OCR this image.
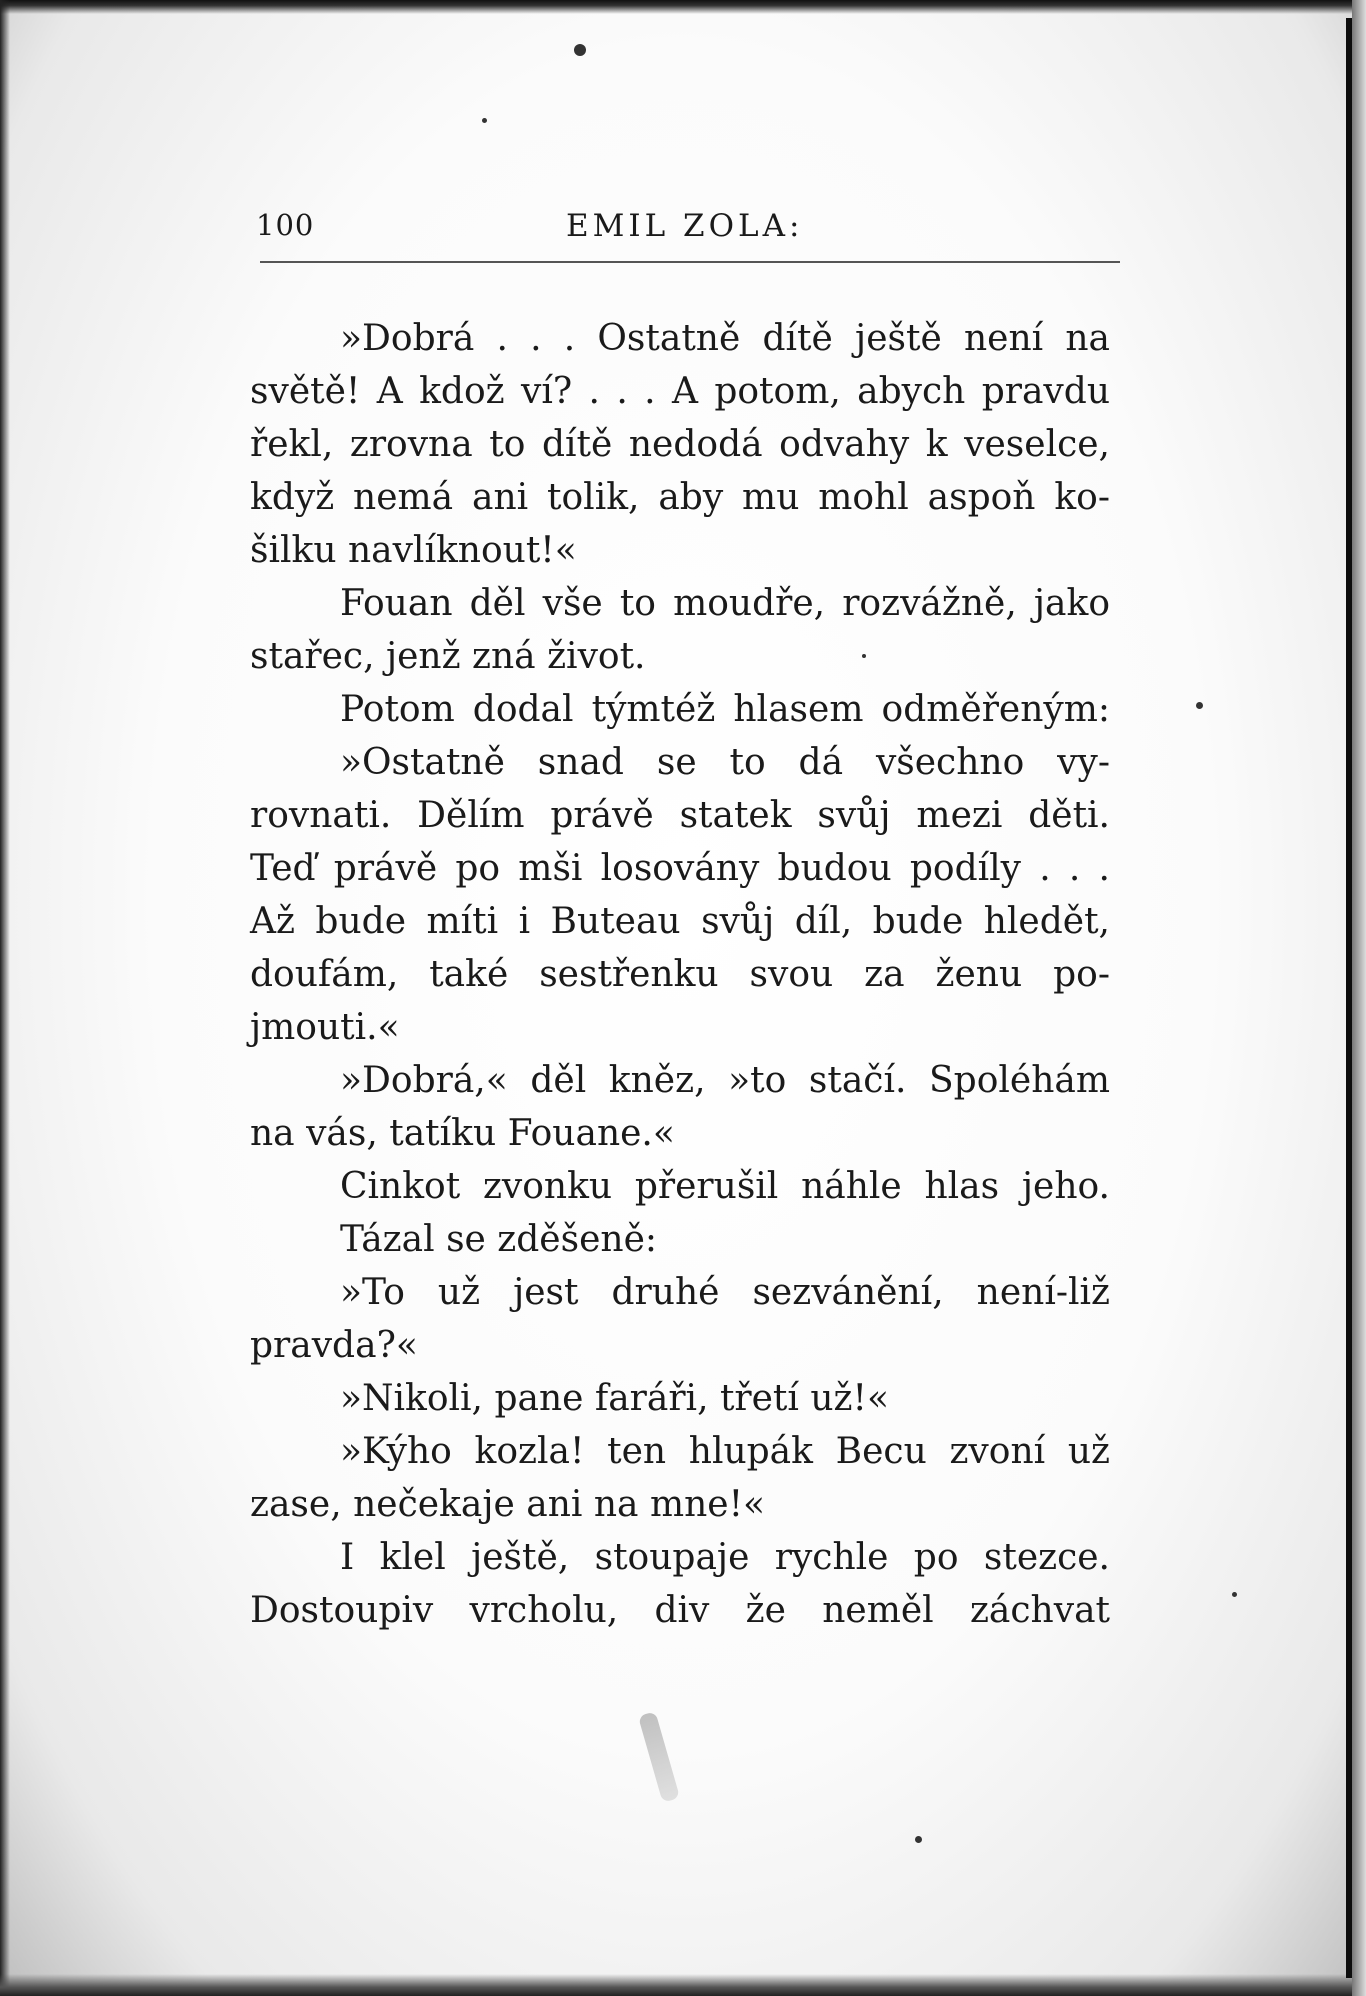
100	EMIL ZOLA:
»Dobrá . . . Ostatně dítě ještě není na
světě! A kdož ví? . . . A potom, abych pravdu
řekl, zrovna to dítě nedodá odvahy k veselce,
když nemá ani tolik, aby mu mohl aspoň ko-
šilku navlíknout!«
Fouan děl vše to moudře, rozvážně, jako
stařec, jenž zná život.
Potom dodal týmtéž hlasem odměřeným:
»Ostatně snad se to dá všechno vy-
rovnati. Dělím právě statek svůj mezi děti.
Teď právě po mši losovány budou podíly . . .
Až bude míti i Buteau svůj díl, bude hledět,
doufám, také sestřenku svou za ženu po-
jmouti.«
»Dobrá,« děl kněz, »to stačí. Spoléhám
na vás, tatíku Fouane.«
Cinkot zvonku přerušil náhle hlas jeho.
Tázal se zděšeně:
»To už jest druhé sezvánění, není-liž
pravda?«
»Nikoli, pane faráři, třetí už!«
»Kýho kozla! ten hlupák Becu zvoní už
zase, nečekaje ani na mne!«
I klel ještě, stoupaje rychle po stezce.
Dostoupiv vrcholu, div že neměl záchvat
